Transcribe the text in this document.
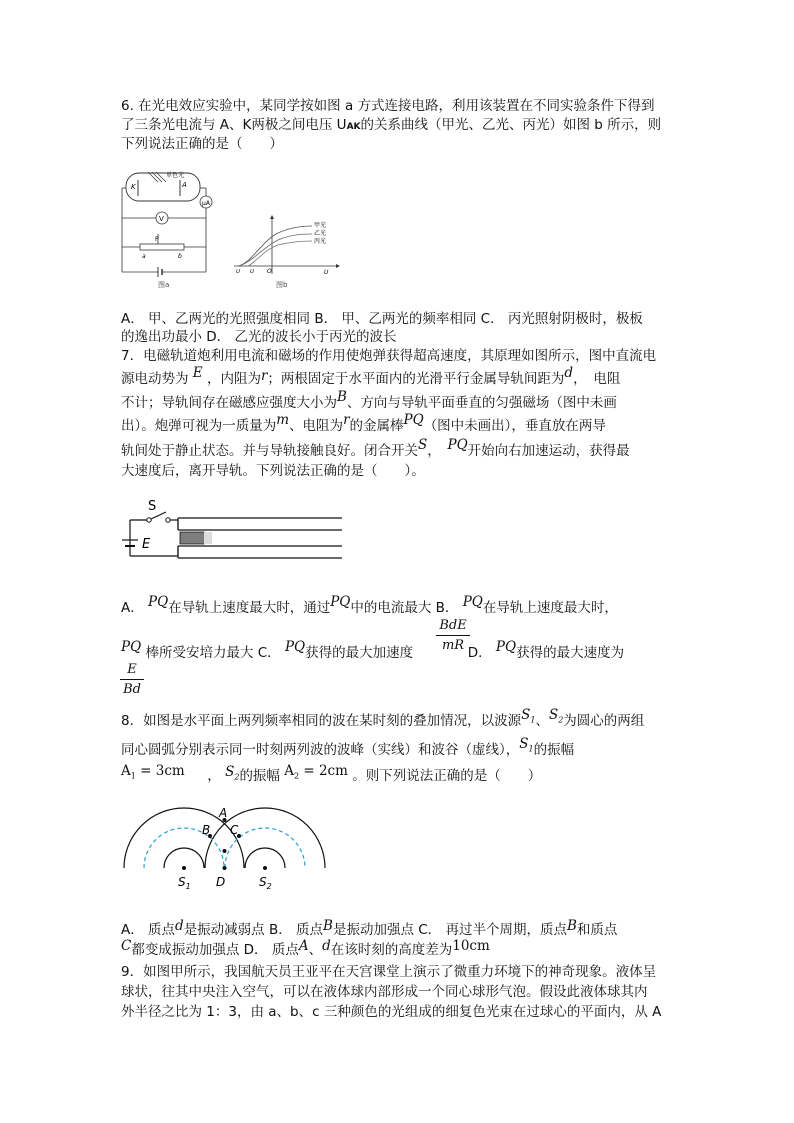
6. 在光电效应实验中，某同学按如图 a 方式连接电路，利用该装置在不同实验条件下得到
了三条光电流与 A、K两极之间电压 UAK的关系曲线（甲光、乙光、丙光）如图 b 所示，则
下列说法正确的是（　　）
单色光
K	A
μA
V
P
a	b
图a
甲光
乙光
丙光
U U O	U
图b
A． 甲、乙两光的光照强度相同 B． 甲、乙两光的频率相同 C． 丙光照射阴极时，极板
的逸出功最小 D． 乙光的波长小于丙光的波长
7．电磁轨道炮利用电流和磁场的作用使炮弹获得超高速度，其原理如图所示，图中直流电
源电动势为 E ，内阻为r；两根固定于水平面内的光滑平行金属导轨间距为d，　电阻
不计；导轨间存在磁感应强度大小为B、方向与导轨平面垂直的匀强磁场（图中未画
出）。炮弹可视为一质量为m、电阻为r的金属棒PQ（图中未画出），垂直放在两导
轨间处于静止状态。并与导轨接触良好。闭合开关S，　 PQ开始向右加速运动，获得最
大速度后，离开导轨。下列说法正确的是（　　）。
S
E
A． PQ在导轨上速度最大时，通过PQ中的电流最大 B． PQ在导轨上速度最大时，
PQ 棒所受安培力最大 C． PQ获得的最大加速度	D． PQ获得的最大速度为
BdE
mR
E
Bd
8．如图是水平面上两列频率相同的波在某时刻的叠加情况，以波源$S_1$、$S_2$为圆心的两组
同心圆弧分别表示同一时刻两列波的波峰（实线）和波谷（虚线），$S_1$的振幅
$A_1 = 3cm$ ， $S_2$的振幅 $A_2 = 2cm$ 。则下列说法正确的是（　　）
A
B C
D
$S_1$	$S_2$
A． 质点d是振动减弱点 B． 质点B是振动加强点 C． 再过半个周期，质点B和质点
C都变成振动加强点 D． 质点A、d在该时刻的高度差为10cm
9．如图甲所示，我国航天员王亚平在天宫课堂上演示了微重力环境下的神奇现象。液体呈
球状，往其中央注入空气，可以在液体球内部形成一个同心球形气泡。假设此液体球其内
外半径之比为 1：3，由 a、b、c 三种颜色的光组成的细复色光束在过球心的平面内，从 A
